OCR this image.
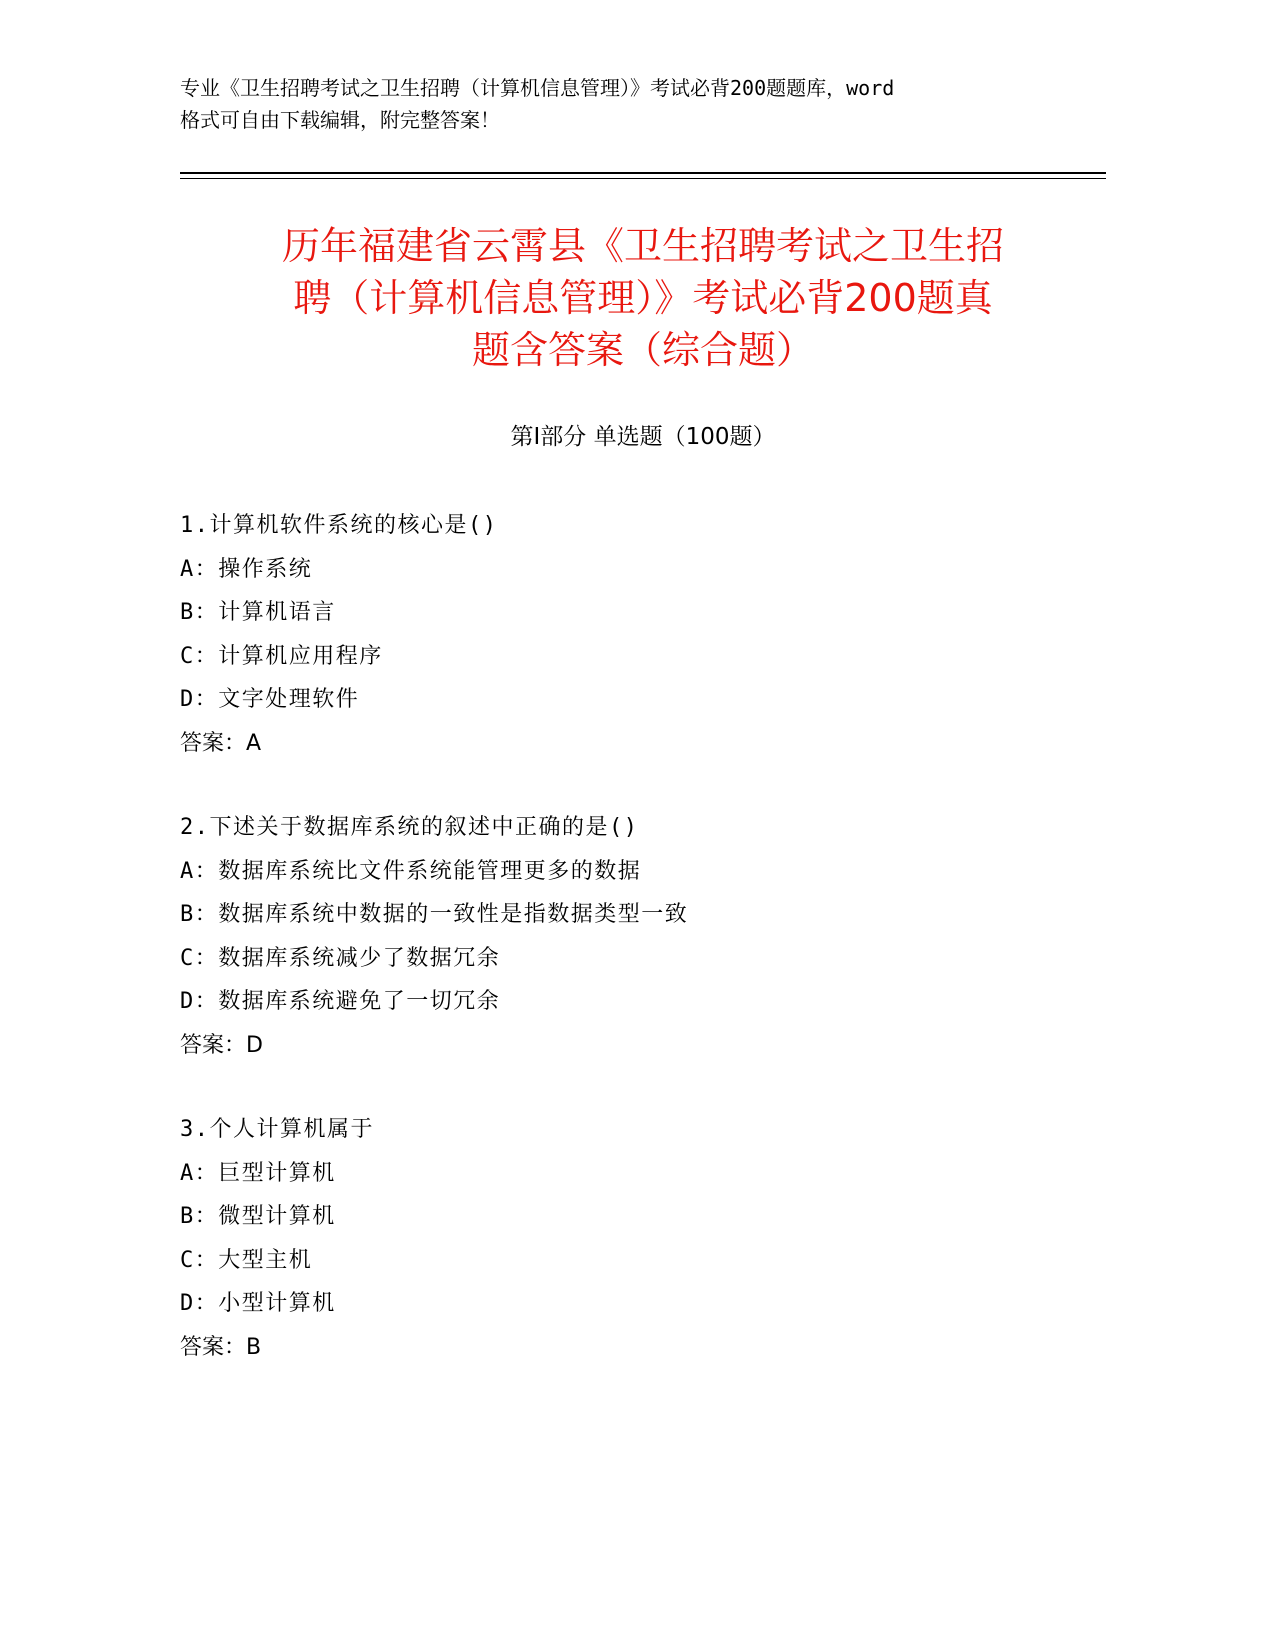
专业《卫生招聘考试之卫生招聘（计算机信息管理）》考试必背200题题库，word
格式可自由下载编辑，附完整答案！
历年福建省云霄县《卫生招聘考试之卫生招
聘（计算机信息管理）》考试必背200题真
题含答案（综合题）
第Ⅰ部分 单选题（100题）
1.计算机软件系统的核心是()
A：操作系统
B：计算机语言
C：计算机应用程序
D：文字处理软件
答案：A
2.下述关于数据库系统的叙述中正确的是()
A：数据库系统比文件系统能管理更多的数据
B：数据库系统中数据的一致性是指数据类型一致
C：数据库系统减少了数据冗余
D：数据库系统避免了一切冗余
答案：D
3.个人计算机属于
A：巨型计算机
B：微型计算机
C：大型主机
D：小型计算机
答案：B
